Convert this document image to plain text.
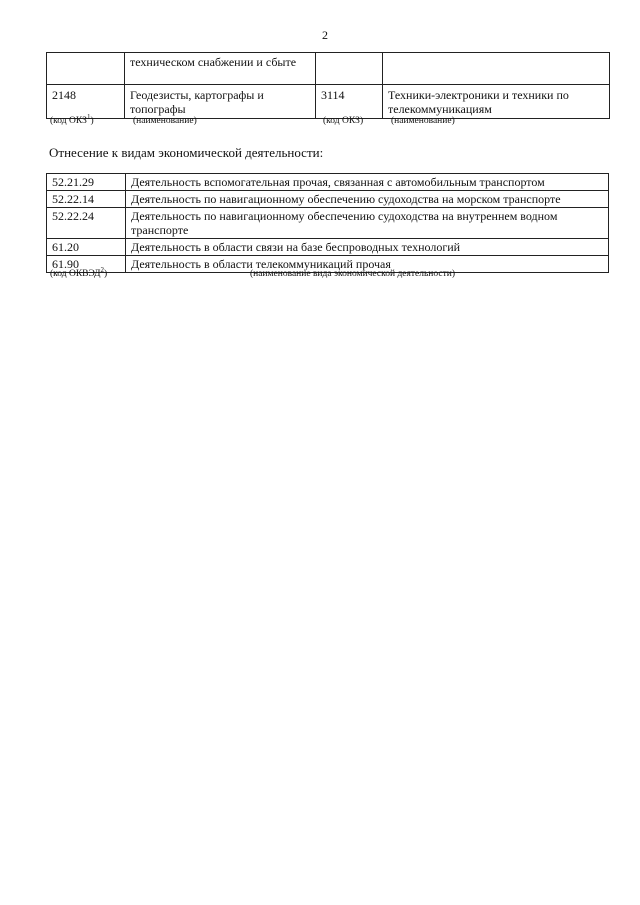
2
	техническом снабжении и сбыте		
2148	Геодезисты, картографы и топографы	3114	Техники-электроники и техники по телекоммуникациям
(код ОКЗ$^1$)	(наименование)	(код ОКЗ)	(наименование)
Отнесение к видам экономической деятельности:
52.21.29	Деятельность вспомогательная прочая, связанная с автомобильным транспортом
52.22.14	Деятельность по навигационному обеспечению судоходства на морском транспорте
52.22.24	Деятельность по навигационному обеспечению судоходства на внутреннем водном транспорте
61.20	Деятельность в области связи на базе беспроводных технологий
61.90	Деятельность в области телекоммуникаций прочая
(код ОКВЭД$^2$)	(наименование вида экономической деятельности)
